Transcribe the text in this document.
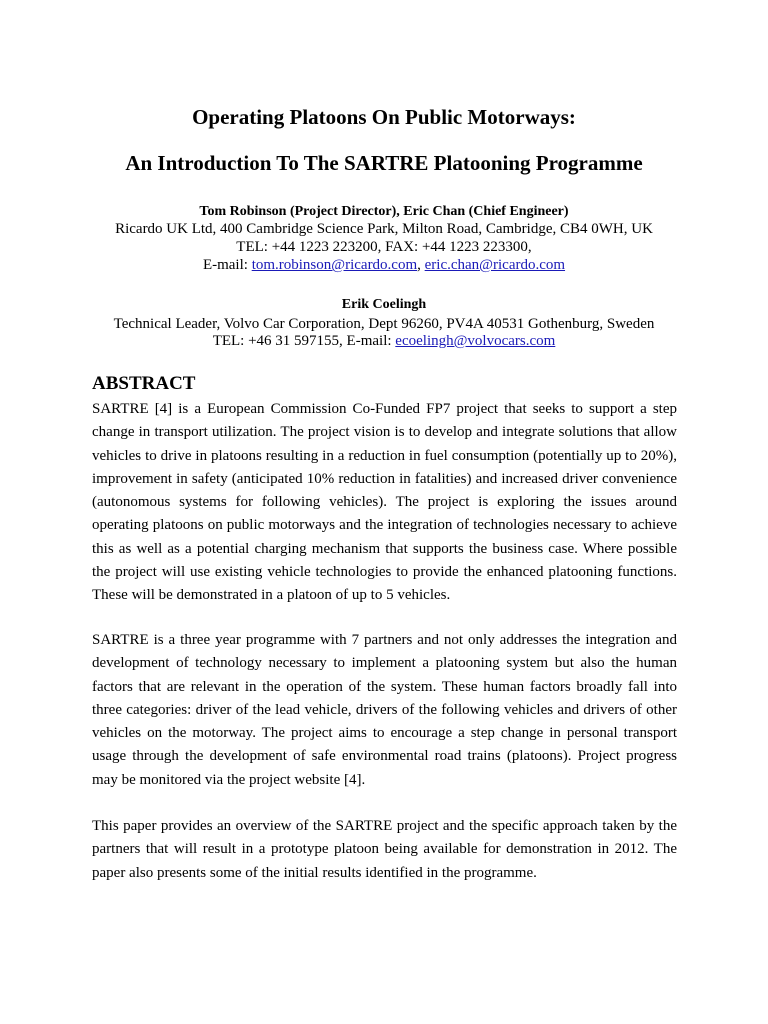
Operating Platoons On Public Motorways:
An Introduction To The SARTRE Platooning Programme
Tom Robinson (Project Director), Eric Chan (Chief Engineer)
Ricardo UK Ltd, 400 Cambridge Science Park, Milton Road, Cambridge, CB4 0WH, UK
TEL: +44 1223 223200, FAX: +44 1223 223300,
E-mail: tom.robinson@ricardo.com, eric.chan@ricardo.com
Erik Coelingh
Technical Leader, Volvo Car Corporation, Dept 96260, PV4A 40531 Gothenburg, Sweden
TEL: +46 31 597155, E-mail: ecoelingh@volvocars.com
ABSTRACT

SARTRE [4] is a European Commission Co-Funded FP7 project that seeks to support a step change in transport utilization. The project vision is to develop and integrate solutions that allow vehicles to drive in platoons resulting in a reduction in fuel consumption (potentially up to 20%), improvement in safety (anticipated 10% reduction in fatalities) and increased driver convenience (autonomous systems for following vehicles). The project is exploring the issues around operating platoons on public motorways and the integration of technologies necessary to achieve this as well as a potential charging mechanism that supports the business case. Where possible the project will use existing vehicle technologies to provide the enhanced platooning functions. These will be demonstrated in a platoon of up to 5 vehicles.

SARTRE is a three year programme with 7 partners and not only addresses the integration and development of technology necessary to implement a platooning system but also the human factors that are relevant in the operation of the system. These human factors broadly fall into three categories: driver of the lead vehicle, drivers of the following vehicles and drivers of other vehicles on the motorway. The project aims to encourage a step change in personal transport usage through the development of safe environmental road trains (platoons). Project progress may be monitored via the project website [4].

This paper provides an overview of the SARTRE project and the specific approach taken by the partners that will result in a prototype platoon being available for demonstration in 2012. The paper also presents some of the initial results identified in the programme.
